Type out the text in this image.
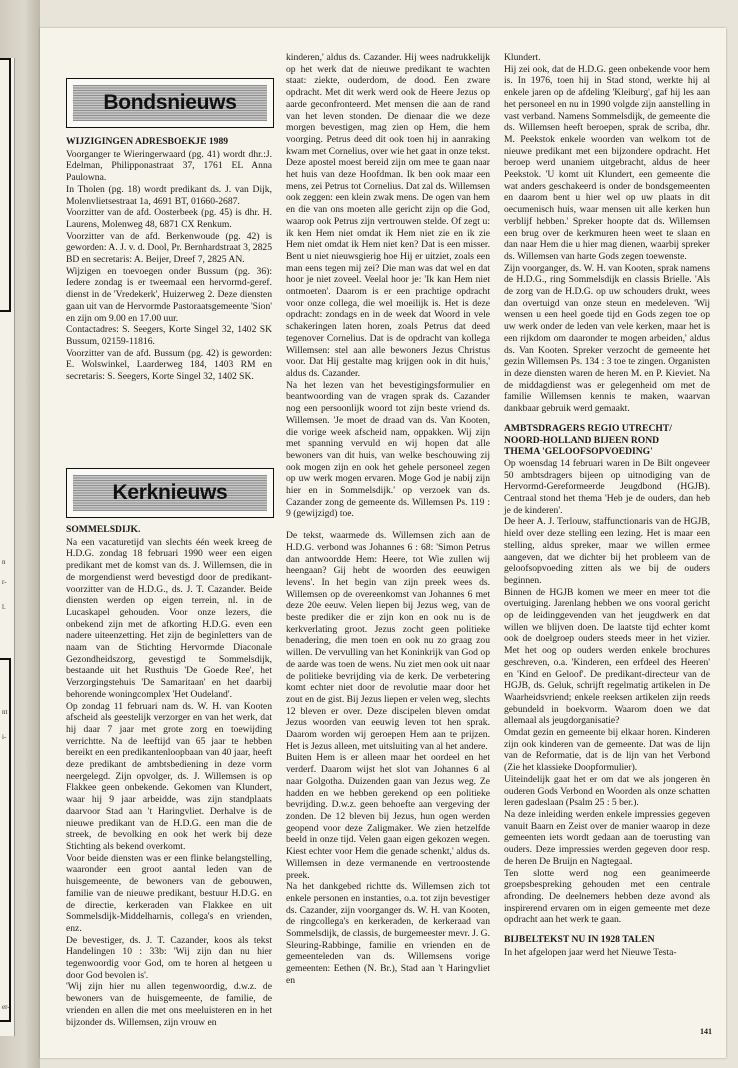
n
r-
l.
nt
i-
er-
Bondsnieuws
WIJZIGINGEN ADRESBOEKJE 1989

Voorganger te Wieringerwaard (pg. 41) wordt dhr.:J. Edelman, Philipponastraat 37, 1761 EL Anna Paulowna.

In Tholen (pg. 18) wordt predikant ds. J. van Dijk, Molenvlietsestraat 1a, 4691 BT, 01660-2687.

Voorzitter van de afd. Oosterbeek (pg. 45) is dhr. H. Laurens, Molenweg 48, 6871 CX Renkum.

Voorzitter van de afd. Berkenwoude (pg. 42) is geworden: A. J. v. d. Dool, Pr. Bernhardstraat 3, 2825 BD en secretaris: A. Beijer, Dreef 7, 2825 AN.

Wijzigen en toevoegen onder Bussum (pg. 36): Iedere zondag is er tweemaal een hervormd-geref. dienst in de 'Vredekerk', Huizerweg 2. Deze diensten gaan uit van de Hervormde Pastoraatsgemeente 'Sion' en zijn om 9.00 en 17.00 uur.

Contactadres: S. Seegers, Korte Singel 32, 1402 SK Bussum, 02159-11816.

Voorzitter van de afd. Bussum (pg. 42) is geworden: E. Wolswinkel, Laarderweg 184, 1403 RM en secretaris: S. Seegers, Korte Singel 32, 1402 SK.

Kerknieuws
SOMMELSDIJK.

Na een vacaturetijd van slechts één week kreeg de H.D.G. zondag 18 februari 1990 weer een eigen predikant met de komst van ds. J. Willemsen, die in de morgendienst werd bevestigd door de predikant-voorzitter van de H.D.G., ds. J. T. Cazander. Beide diensten werden op eigen terrein, nl. in de Lucaskapel gehouden. Voor onze lezers, die onbekend zijn met de afkorting H.D.G. even een nadere uiteenzetting. Het zijn de beginletters van de naam van de Stichting Hervormde Diaconale Gezondheidszorg, gevestigd te Sommelsdijk, bestaande uit het Rusthuis 'De Goede Ree', het Verzorgingstehuis 'De Samaritaan' en het daarbij behorende woningcomplex 'Het Oudeland'.

Op zondag 11 februari nam ds. W. H. van Kooten afscheid als geestelijk verzorger en van het werk, dat hij daar 7 jaar met grote zorg en toewijding verrichtte. Na de leeftijd van 65 jaar te hebben bereikt en een predikantenloopbaan van 40 jaar, heeft deze predikant de ambtsbediening in deze vorm neergelegd. Zijn opvolger, ds. J. Willemsen is op Flakkee geen onbekende. Gekomen van Klundert, waar hij 9 jaar arbeidde, was zijn standplaats daarvoor Stad aan 't Haringvliet. Derhalve is de nieuwe predikant van de H.D.G. een man die de streek, de bevolking en ook het werk bij deze Stichting als bekend overkomt.

Voor beide diensten was er een flinke belangstelling, waaronder een groot aantal leden van de huisgemeente, de bewoners van de gebouwen, familie van de nieuwe predikant, bestuur H.D.G. en de directie, kerkeraden van Flakkee en uit Sommelsdijk-Middelharnis, collega's en vrienden, enz.

De bevestiger, ds. J. T. Cazander, koos als tekst Handelingen 10 : 33b: 'Wij zijn dan nu hier tegenwoordig voor God, om te horen al hetgeen u door God bevolen is'.

'Wij zijn hier nu allen tegenwoordig, d.w.z. de bewoners van de huisgemeente, de familie, de vrienden en allen die met ons meeluisteren en in het bijzonder ds. Willemsen, zijn vrouw en

kinderen,' aldus ds. Cazander. Hij wees nadrukkelijk op het werk dat de nieuwe predikant te wachten staat: ziekte, ouderdom, de dood. Een zware opdracht. Met dit werk werd ook de Heere Jezus op aarde geconfronteerd. Met mensen die aan de rand van het leven stonden. De dienaar die we deze morgen bevestigen, mag zien op Hem, die hem voorging. Petrus deed dit ook toen hij in aanraking kwam met Cornelius, over wie het gaat in onze tekst. Deze apostel moest bereid zijn om mee te gaan naar het huis van deze Hoofdman. Ik ben ook maar een mens, zei Petrus tot Cornelius. Dat zal ds. Willemsen ook zeggen: een klein zwak mens. De ogen van hem en die van ons moeten alle gericht zijn op die God, waarop ook Petrus zijn vertrouwen stelde. Of zegt u: ik ken Hem niet omdat ik Hem niet zie en ik zie Hem niet omdat ik Hem niet ken? Dat is een misser. Bent u niet nieuwsgierig hoe Hij er uitziet, zoals een man eens tegen mij zei? Die man was dat wel en dat hoor je niet zoveel. Veelal hoor je: 'Ik kan Hem niet ontmoeten'. Daarom is er een prachtige opdracht voor onze collega, die wel moeilijk is. Het is deze opdracht: zondags en in de week dat Woord in vele schakeringen laten horen, zoals Petrus dat deed tegenover Cornelius. Dat is de opdracht van kollega Willemsen: stel aan alle bewoners Jezus Christus voor. Dat Hij gestalte mag krijgen ook in dit huis,' aldus ds. Cazander.

Na het lezen van het bevestigingsformulier en beantwoording van de vragen sprak ds. Cazander nog een persoonlijk woord tot zijn beste vriend ds. Willemsen. 'Je moet de draad van ds. Van Kooten, die vorige week afscheid nam, oppakken. Wij zijn met spanning vervuld en wij hopen dat alle bewoners van dit huis, van welke beschouwing zij ook mogen zijn en ook het gehele personeel zegen op uw werk mogen ervaren. Moge God je nabij zijn hier en in Sommelsdijk.' op verzoek van ds. Cazander zong de gemeente ds. Willemsen Ps. 119 : 9 (gewijzigd) toe.

De tekst, waarmede ds. Willemsen zich aan de H.D.G. verbond was Johannes 6 : 68: 'Simon Petrus dan antwoordde Hem: Heere, tot Wie zullen wij heengaan? Gij hebt de woorden des eeuwigen levens'. In het begin van zijn preek wees ds. Willemsen op de overeenkomst van Johannes 6 met deze 20e eeuw. Velen liepen bij Jezus weg, van de beste prediker die er zijn kon en ook nu is de kerkverlating groot. Jezus zocht geen politieke benadering, die men toen en ook nu zo graag zou willen. De vervulling van het Koninkrijk van God op de aarde was toen de wens. Nu ziet men ook uit naar de politieke bevrijding via de kerk. De verbetering komt echter niet door de revolutie maar door het zout en de gist. Bij Jezus liepen er velen weg, slechts 12 bleven er over. Deze discipelen bleven omdat Jezus woorden van eeuwig leven tot hen sprak. Daarom worden wij geroepen Hem aan te prijzen. Het is Jezus alleen, met uitsluiting van al het andere.

Buiten Hem is er alleen maar het oordeel en het verderf. Daarom wijst het slot van Johannes 6 al naar Golgotha. Duizenden gaan van Jezus weg. Ze hadden en we hebben gerekend op een politieke bevrijding. D.w.z. geen behoefte aan vergeving der zonden. De 12 bleven bij Jezus, hun ogen werden geopend voor deze Zaligmaker. We zien hetzelfde beeld in onze tijd. Velen gaan eigen gekozen wegen. Kiest echter voor Hem die genade schenkt,' aldus ds. Willemsen in deze vermanende en vertroostende preek.

Na het dankgebed richtte ds. Willemsen zich tot enkele personen en instanties, o.a. tot zijn bevestiger ds. Cazander, zijn voorganger ds. W. H. van Kooten, de ringcollega's en kerkeraden, de kerkeraad van Sommelsdijk, de classis, de burgemeester mevr. J. G. Sleuring-Rabbinge, familie en vrienden en de gemeenteleden van ds. Willemsens vorige gemeenten: Eethen (N. Br.), Stad aan 't Haringvliet en

Klundert.

Hij zei ook, dat de H.D.G. geen onbekende voor hem is. In 1976, toen hij in Stad stond, werkte hij al enkele jaren op de afdeling 'Kleiburg', gaf hij les aan het personeel en nu in 1990 volgde zijn aanstelling in vast verband. Namens Sommelsdijk, de gemeente die ds. Willemsen heeft beroepen, sprak de scriba, dhr. M. Peekstok enkele woorden van welkom tot de nieuwe predikant met een bijzondere opdracht. Het beroep werd unaniem uitgebracht, aldus de heer Peekstok. 'U komt uit Klundert, een gemeente die wat anders geschakeerd is onder de bondsgemeenten en daarom bent u hier wel op uw plaats in dit oecumenisch huis, waar mensen uit alle kerken hun verblijf hebben.' Spreker hoopte dat ds. Willemsen een brug over de kerkmuren heen weet te slaan en dan naar Hem die u hier mag dienen, waarbij spreker ds. Willemsen van harte Gods zegen toewenste.

Zijn voorganger, ds. W. H. van Kooten, sprak namens de H.D.G., ring Sommelsdijk en classis Brielle. 'Als de zorg van de H.D.G. op uw schouders drukt, wees dan overtuigd van onze steun en medeleven. 'Wij wensen u een heel goede tijd en Gods zegen toe op uw werk onder de leden van vele kerken, maar het is een rijkdom om daaronder te mogen arbeiden,' aldus ds. Van Kooten. Spreker verzocht de gemeente het gezin Willemsen Ps. 134 : 3 toe te zingen. Organisten in deze diensten waren de heren M. en P. Kieviet. Na de middagdienst was er gelegenheid om met de familie Willemsen kennis te maken, waarvan dankbaar gebruik werd gemaakt.

AMBTSDRAGERS REGIO UTRECHT/
NOORD-HOLLAND BIJEEN ROND
THEMA 'GELOOFSOPVOEDING'

Op woensdag 14 februari waren in De Bilt ongeveer 50 ambtsdragers bijeen op uitnodiging van de Hervormd-Gereformeerde Jeugdbond (HGJB). Centraal stond het thema 'Heb je de ouders, dan heb je de kinderen'.

De heer A. J. Terlouw, staffunctionaris van de HGJB, hield over deze stelling een lezing. Het is maar een stelling, aldus spreker, maar we willen ermee aangeven, dat we dichter bij het probleem van de geloofsopvoeding zitten als we bij de ouders beginnen.

Binnen de HGJB komen we meer en meer tot die overtuiging. Jarenlang hebben we ons vooral gericht op de leidinggevenden van het jeugdwerk en dat willen we blijven doen. De laatste tijd echter komt ook de doelgroep ouders steeds meer in het vizier. Met het oog op ouders werden enkele brochures geschreven, o.a. 'Kinderen, een erfdeel des Heeren' en 'Kind en Geloof'. De predikant-directeur van de HGJB, ds. Geluk, schrijft regelmatig artikelen in De Waarheidsvriend; enkele reeksen artikelen zijn reeds gebundeld in boekvorm. Waarom doen we dat allemaal als jeugdorganisatie?

Omdat gezin en gemeente bij elkaar horen. Kinderen zijn ook kinderen van de gemeente. Dat was de lijn van de Reformatie, dat is de lijn van het Verbond (Zie het klassieke Doopformulier).

Uiteindelijk gaat het er om dat we als jongeren èn ouderen Gods Verbond en Woorden als onze schatten leren gadeslaan (Psalm 25 : 5 ber.).

Na deze inleiding werden enkele impressies gegeven vanuit Baarn en Zeist over de manier waarop in deze gemeenten iets wordt gedaan aan de toerusting van ouders. Deze impressies werden gegeven door resp. de heren De Bruijn en Nagtegaal.

Ten slotte werd nog een geanimeerde groepsbespreking gehouden met een centrale afronding. De deelnemers hebben deze avond als inspirerend ervaren om in eigen gemeente met deze opdracht aan het werk te gaan.

BIJBELTEKST NU IN 1928 TALEN

In het afgelopen jaar werd het Nieuwe Testa-

141
